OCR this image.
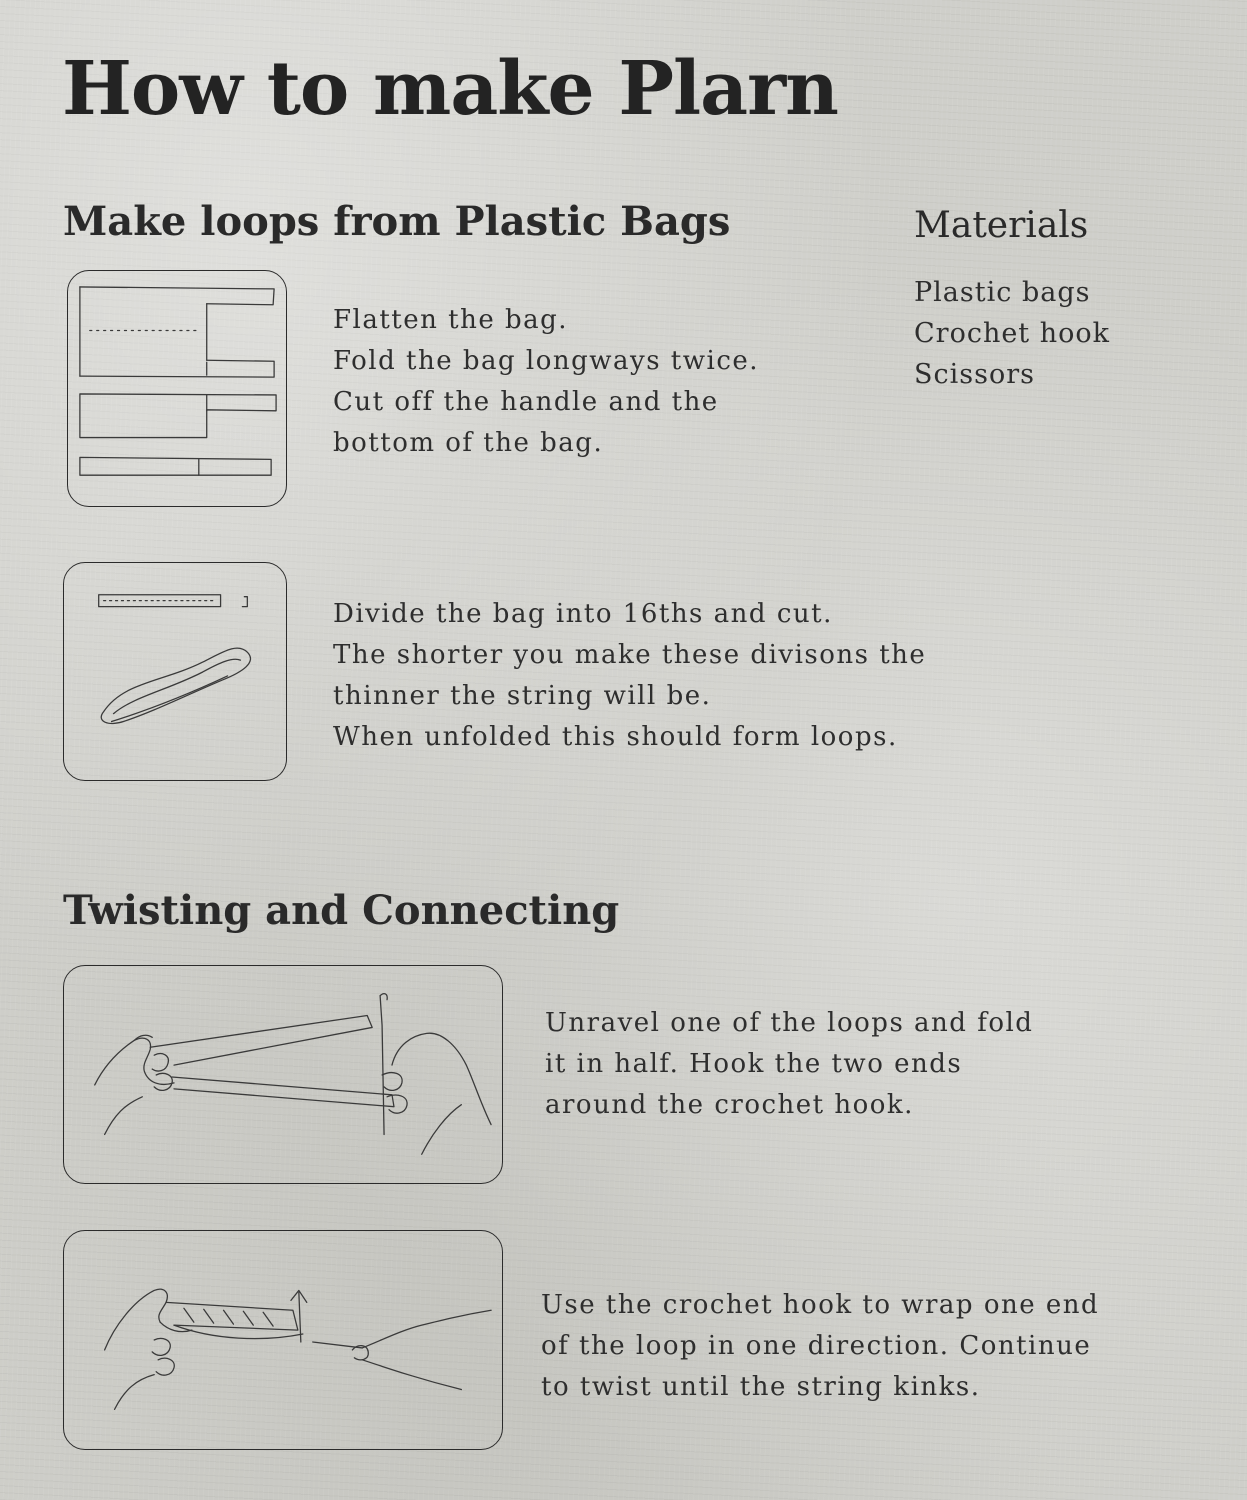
How to make Plarn
Make loops from Plastic Bags	Materials
Plastic bags
Crochet hook
Scissors
Flatten the bag.
Fold the bag longways twice.
Cut off the handle and the
bottom of the bag.
Divide the bag into 16ths and cut.
The shorter you make these divisons the
thinner the string will be.
When unfolded this should form loops.
Twisting and Connecting
Unravel one of the loops and fold
it in half. Hook the two ends
around the crochet hook.
Use the crochet hook to wrap one end
of the loop in one direction. Continue
to twist until the string kinks.
